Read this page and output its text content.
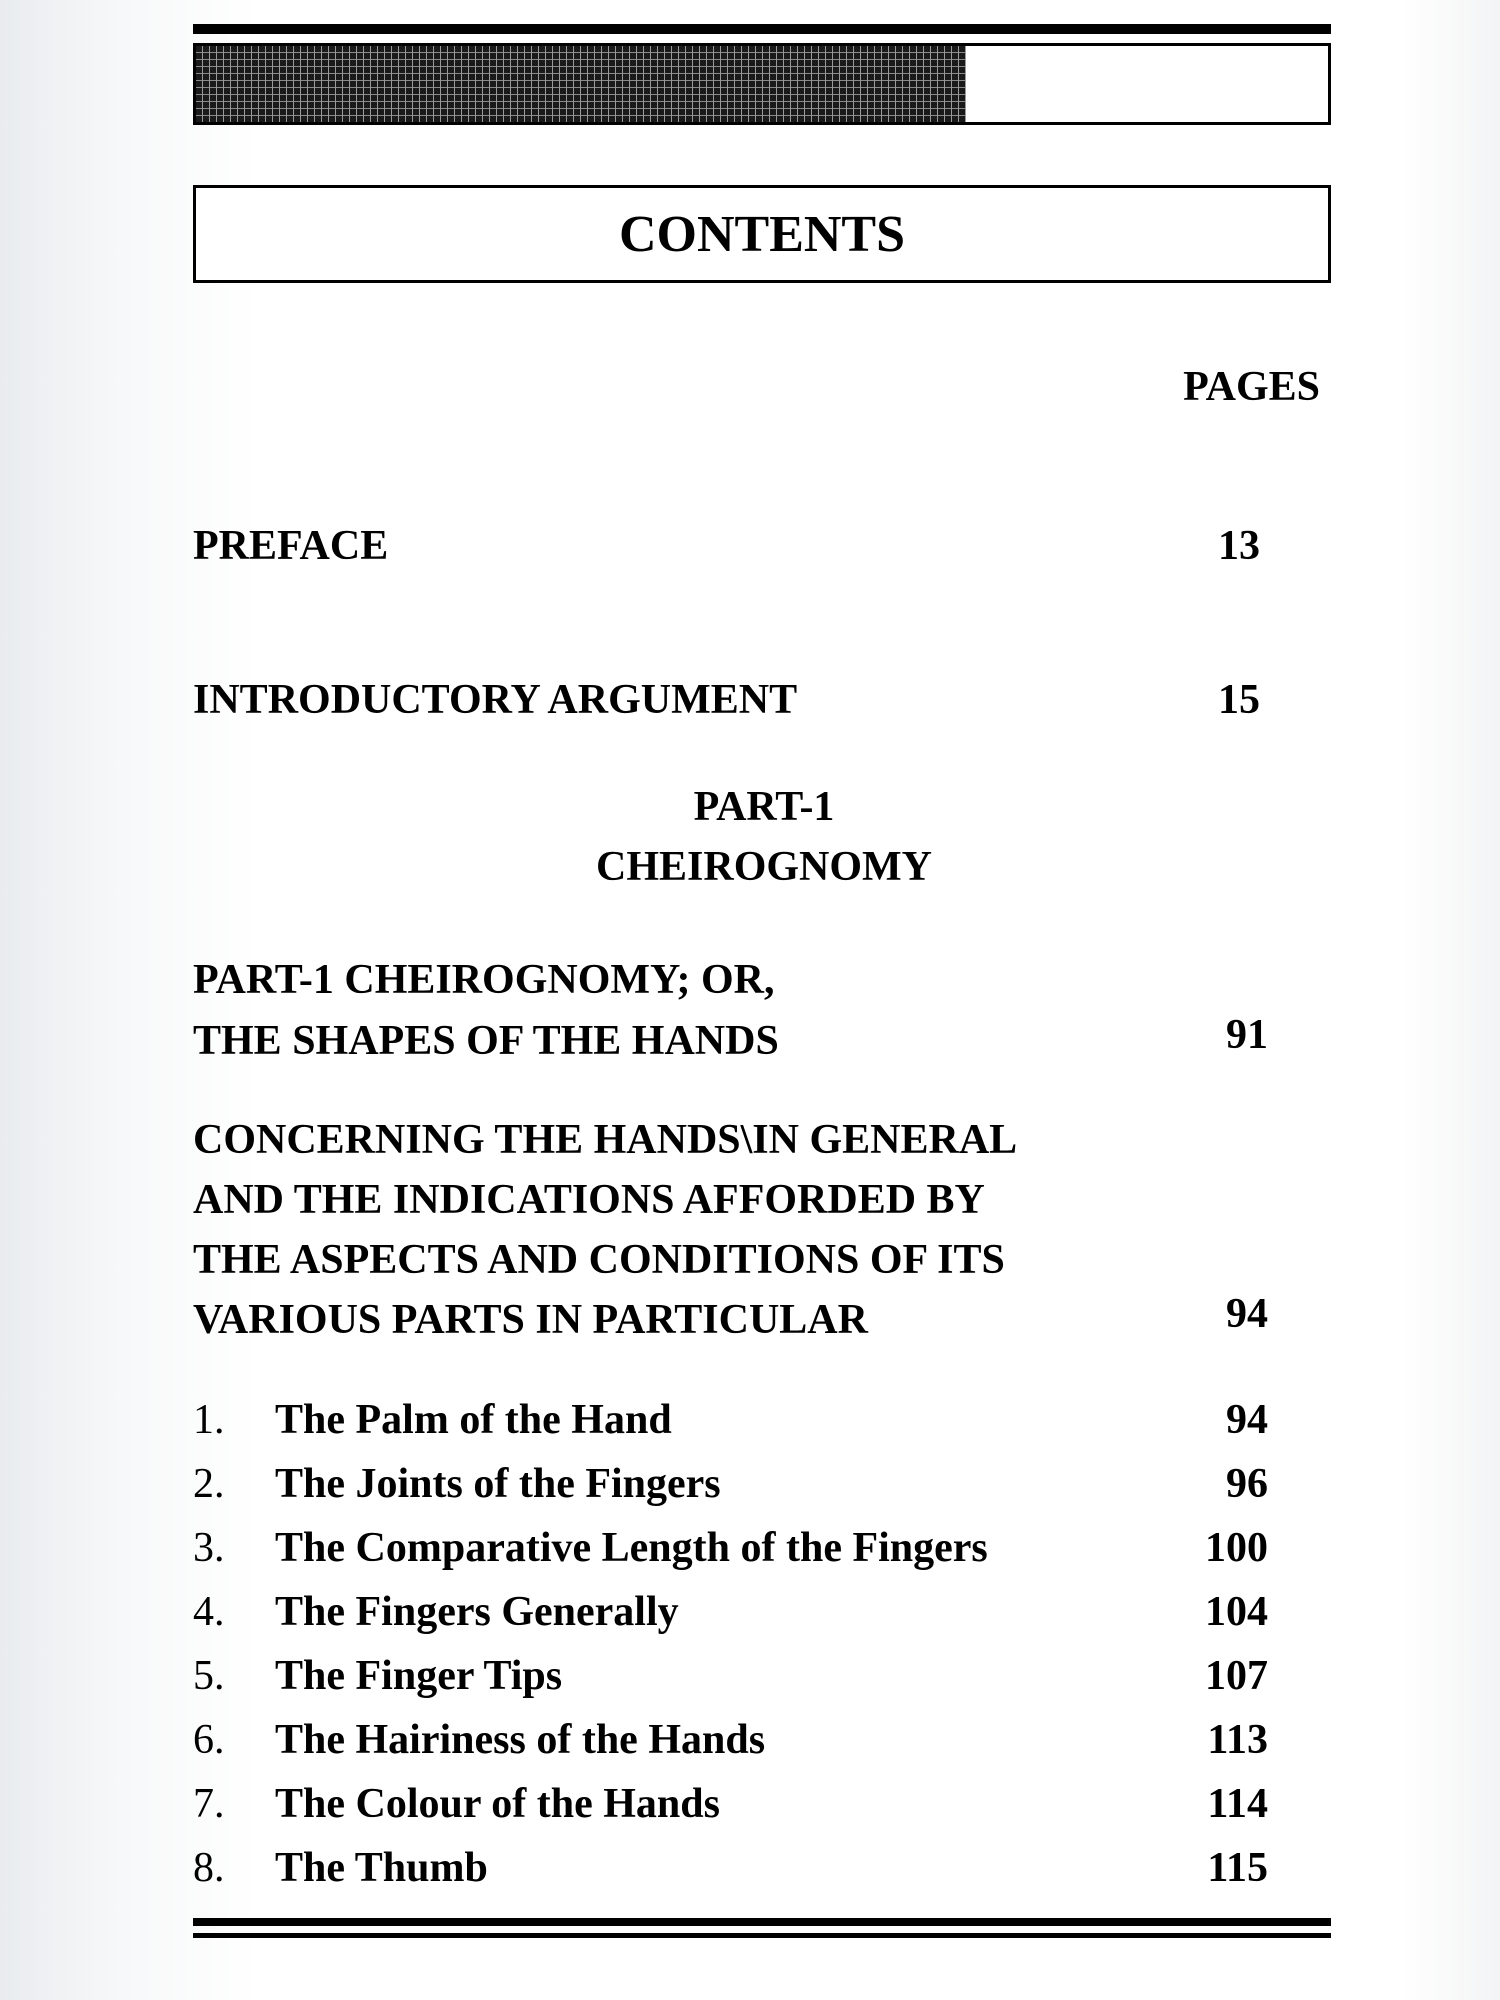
CONTENTS
PAGES
PREFACE	13
INTRODUCTORY ARGUMENT	15
PART-1
CHEIROGNOMY
PART-1 CHEIROGNOMY; OR,
THE SHAPES OF THE HANDS	91
CONCERNING THE HANDS\IN GENERAL
AND THE INDICATIONS AFFORDED BY
THE ASPECTS AND CONDITIONS OF ITS
VARIOUS PARTS IN PARTICULAR	94
1. The Palm of the Hand	94
2. The Joints of the Fingers	96
3. The Comparative Length of the Fingers	100
4. The Fingers Generally	104
5. The Finger Tips	107
6. The Hairiness of the Hands	113
7. The Colour of the Hands	114
8. The Thumb	115
